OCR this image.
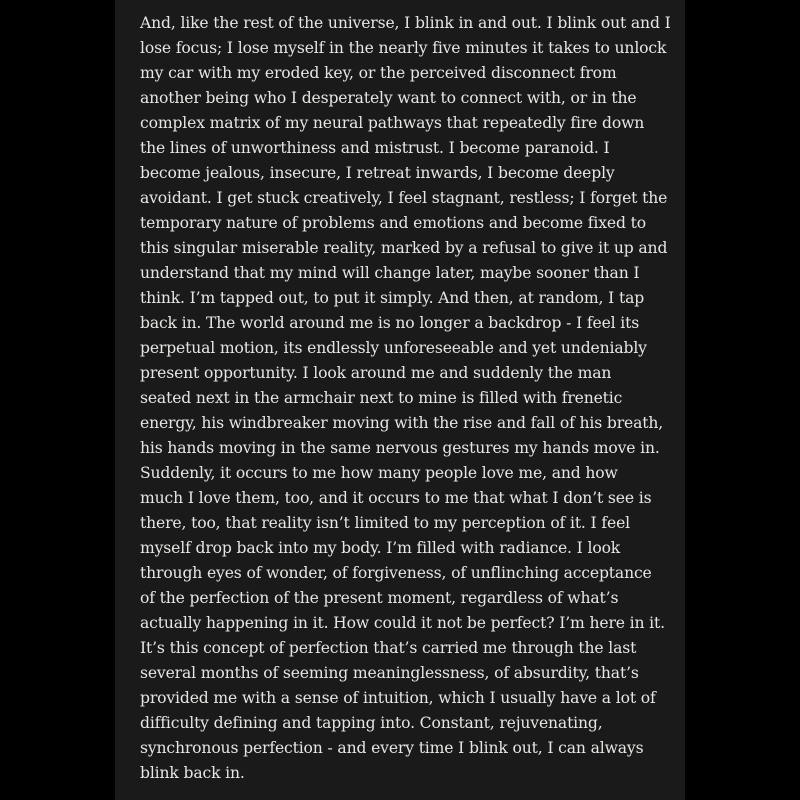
And, like the rest of the universe, I blink in and out. I blink out and I
lose focus; I lose myself in the nearly five minutes it takes to unlock
my car with my eroded key, or the perceived disconnect from
another being who I desperately want to connect with, or in the
complex matrix of my neural pathways that repeatedly fire down
the lines of unworthiness and mistrust. I become paranoid. I
become jealous, insecure, I retreat inwards, I become deeply
avoidant. I get stuck creatively, I feel stagnant, restless; I forget the
temporary nature of problems and emotions and become fixed to
this singular miserable reality, marked by a refusal to give it up and
understand that my mind will change later, maybe sooner than I
think. I’m tapped out, to put it simply. And then, at random, I tap
back in. The world around me is no longer a backdrop - I feel its
perpetual motion, its endlessly unforeseeable and yet undeniably
present opportunity. I look around me and suddenly the man
seated next in the armchair next to mine is filled with frenetic
energy, his windbreaker moving with the rise and fall of his breath,
his hands moving in the same nervous gestures my hands move in.
Suddenly, it occurs to me how many people love me, and how
much I love them, too, and it occurs to me that what I don’t see is
there, too, that reality isn’t limited to my perception of it. I feel
myself drop back into my body. I’m filled with radiance. I look
through eyes of wonder, of forgiveness, of unflinching acceptance
of the perfection of the present moment, regardless of what’s
actually happening in it. How could it not be perfect? I’m here in it.
It’s this concept of perfection that’s carried me through the last
several months of seeming meaninglessness, of absurdity, that’s
provided me with a sense of intuition, which I usually have a lot of
difficulty defining and tapping into. Constant, rejuvenating,
synchronous perfection - and every time I blink out, I can always
blink back in.
